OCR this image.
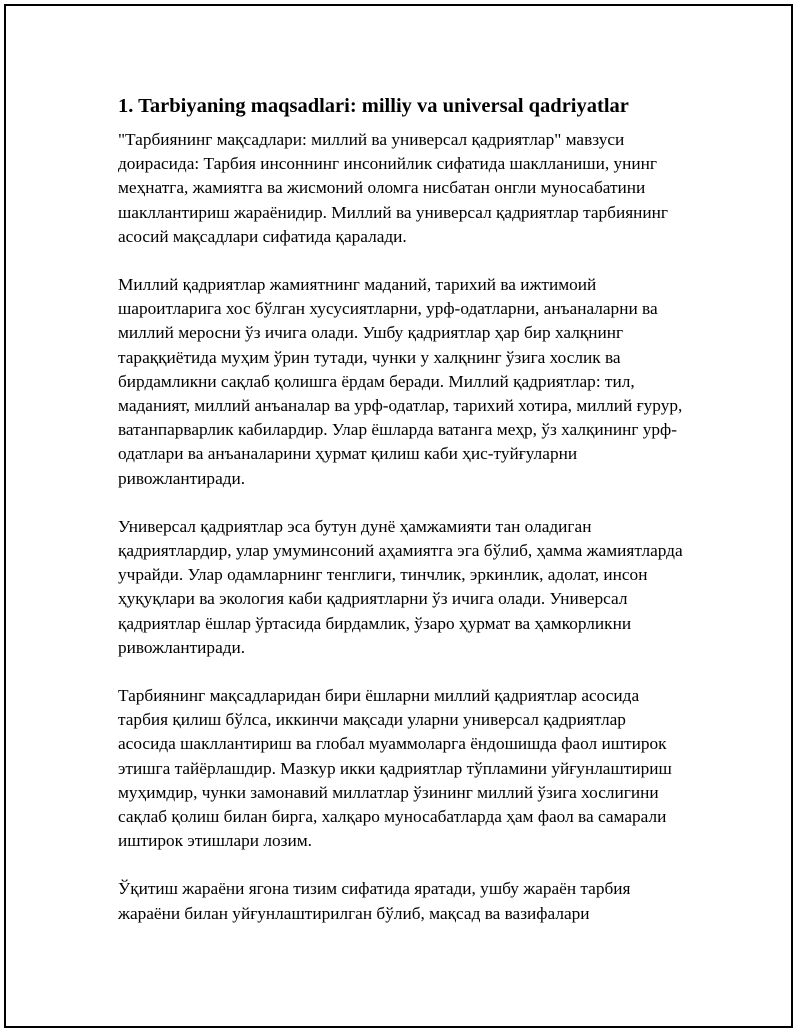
1. Tarbiyaning maqsadlari: milliy va universal qadriyatlar

"Тарбиянинг мақсадлари: миллий ва универсал қадриятлар" мавзуси доирасида: Тарбия инсоннинг инсонийлик сифатида шаклланиши, унинг меҳнатга, жамиятга ва жисмоний оломга нисбатан онгли муносабатини шакллантириш жараёнидир. Миллий ва универсал қадриятлар тарбиянинг асосий мақсадлари сифатида қаралади.

Миллий қадриятлар жамиятнинг маданий, тарихий ва ижтимоий шароитларига хос бўлган хусусиятларни, урф-одатларни, анъаналарни ва миллий меросни ўз ичига олади. Ушбу қадриятлар ҳар бир халқнинг тараққиётида муҳим ўрин тутади, чунки у халқнинг ўзига хослик ва бирдамликни сақлаб қолишга ёрдам беради. Миллий қадриятлар: тил, маданият, миллий анъаналар ва урф-одатлар, тарихий хотира, миллий ғурур, ватанпарварлик кабилардир. Улар ёшларда ватанга меҳр, ўз халқининг урф-одатлари ва анъаналарини ҳурмат қилиш каби ҳис-туйғуларни ривожлантиради.

Универсал қадриятлар эса бутун дунё ҳамжамияти тан оладиган қадриятлардир, улар умуминсоний аҳамиятга эга бўлиб, ҳамма жамиятларда учрайди. Улар одамларнинг тенглиги, тинчлик, эркинлик, адолат, инсон ҳуқуқлари ва экология каби қадриятларни ўз ичига олади. Универсал қадриятлар ёшлар ўртасида бирдамлик, ўзаро ҳурмат ва ҳамкорликни ривожлантиради.

Тарбиянинг мақсадларидан бири ёшларни миллий қадриятлар асосида тарбия қилиш бўлса, иккинчи мақсади уларни универсал қадриятлар асосида шакллантириш ва глобал муаммоларга ёндошишда фаол иштирок этишга тайёрлашдир. Мазкур икки қадриятлар тўпламини уйғунлаштириш муҳимдир, чунки замонавий миллатлар ўзининг миллий ўзига хослигини сақлаб қолиш билан бирга, халқаро муносабатларда ҳам фаол ва самарали иштирок этишлари лозим.

Ўқитиш жараёни ягона тизим сифатида яратади, ушбу жараён тарбия жараёни билан уйғунлаштирилган бўлиб, мақсад ва вазифалари
